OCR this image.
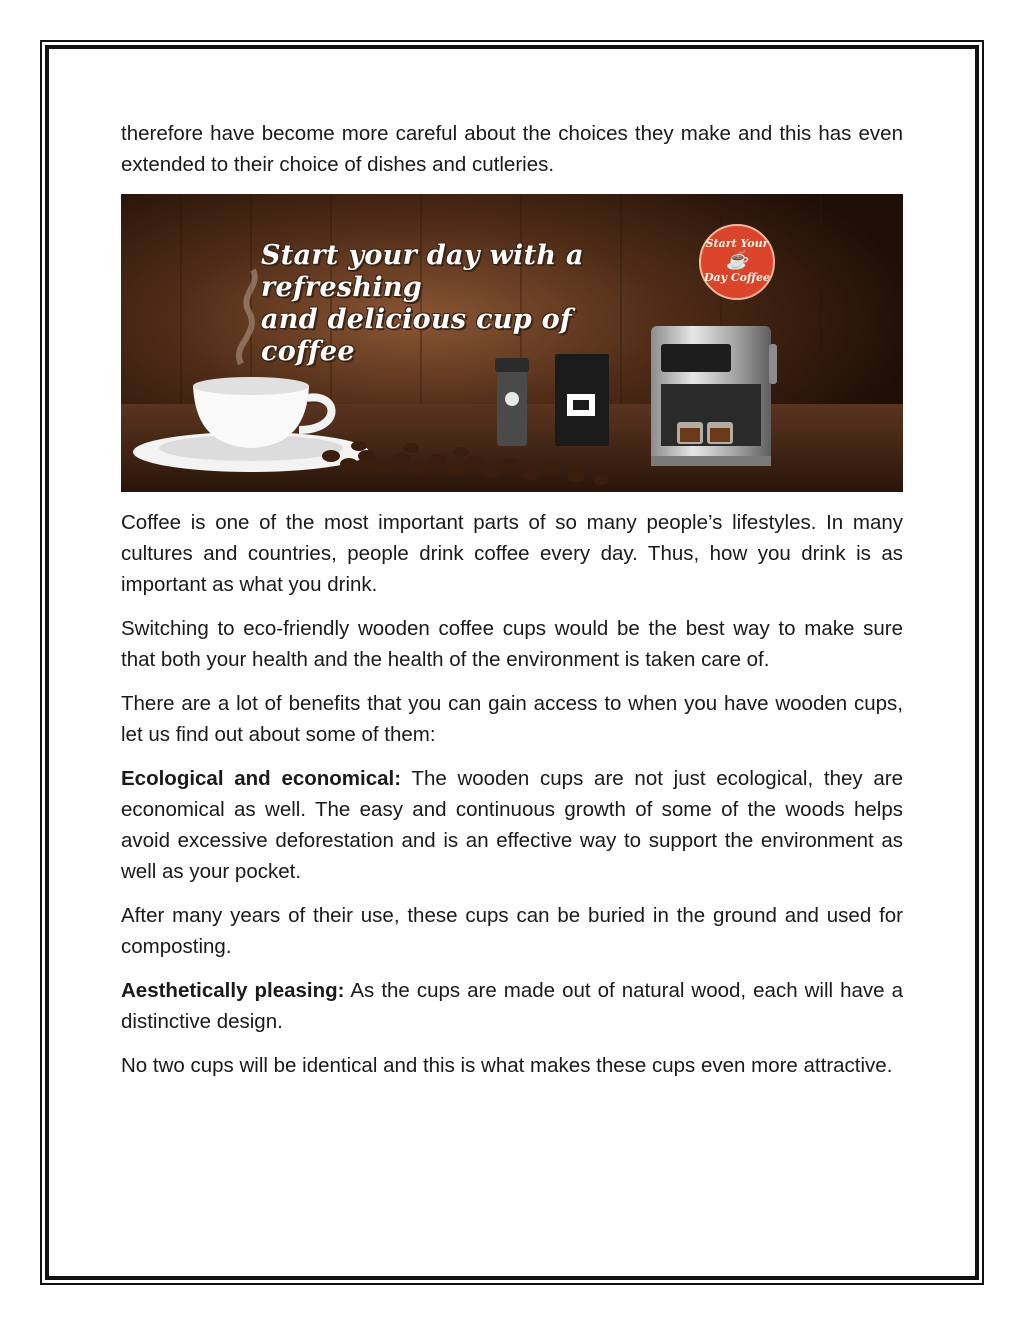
therefore have become more careful about the choices they make and this has even extended to their choice of dishes and cutleries.

Start your day with a refreshing
and delicious cup of coffee
Start Your
☕
Day Coffee

Coffee is one of the most important parts of so many people’s lifestyles. In many cultures and countries, people drink coffee every day. Thus, how you drink is as important as what you drink.

Switching to eco-friendly wooden coffee cups would be the best way to make sure that both your health and the health of the environment is taken care of.

There are a lot of benefits that you can gain access to when you have wooden cups, let us find out about some of them:

Ecological and economical: The wooden cups are not just ecological, they are economical as well. The easy and continuous growth of some of the woods helps avoid excessive deforestation and is an effective way to support the environment as well as your pocket.

After many years of their use, these cups can be buried in the ground and used for composting.

Aesthetically pleasing: As the cups are made out of natural wood, each will have a distinctive design.

No two cups will be identical and this is what makes these cups even more attractive.
